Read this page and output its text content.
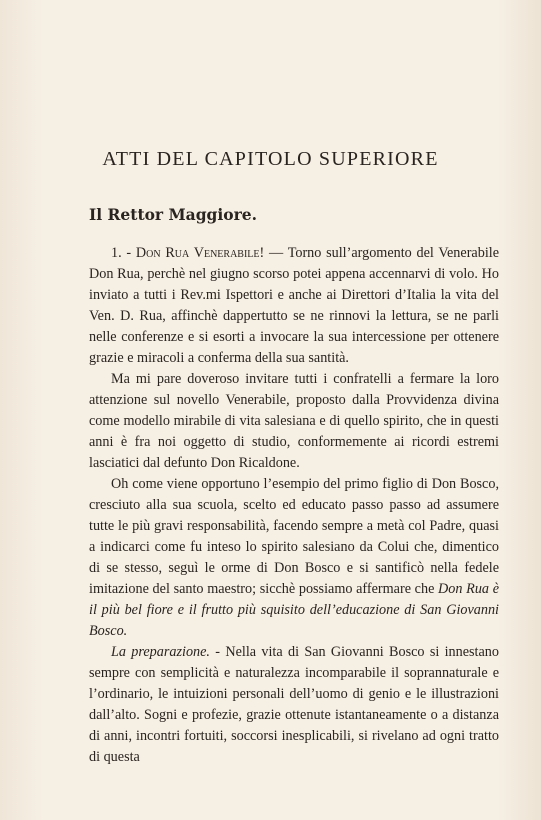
ATTI DEL CAPITOLO SUPERIORE
Il Rettor Maggiore.

1. - Don Rua Venerabile! — Torno sull’argomento del Venerabile Don Rua, perchè nel giugno scorso potei appena accennarvi di volo. Ho inviato a tutti i Rev.mi Ispettori e anche ai Direttori d’Italia la vita del Ven. D. Rua, affinchè dappertutto se ne rinnovi la lettura, se ne parli nelle conferenze e si esorti a invocare la sua intercessione per ottenere grazie e miracoli a conferma della sua santità.

Ma mi pare doveroso invitare tutti i confratelli a fermare la loro attenzione sul novello Venerabile, proposto dalla Provvidenza divina come modello mirabile di vita salesiana e di quello spirito, che in questi anni è fra noi oggetto di studio, conformemente ai ricordi estremi lasciatici dal defunto Don Ricaldone.

Oh come viene opportuno l’esempio del primo figlio di Don Bosco, cresciuto alla sua scuola, scelto ed educato passo passo ad assumere tutte le più gravi responsabilità, facendo sempre a metà col Padre, quasi a indicarci come fu inteso lo spirito salesiano da Colui che, dimentico di se stesso, seguì le orme di Don Bosco e si santificò nella fedele imitazione del santo maestro; sicchè possiamo affermare che Don Rua è il più bel fiore e il frutto più squisito dell’educazione di San Giovanni Bosco.

La preparazione. - Nella vita di San Giovanni Bosco si innestano sempre con semplicità e naturalezza incomparabile il soprannaturale e l’ordinario, le intuizioni personali dell’uomo di genio e le illustrazioni dall’alto. Sogni e profezie, grazie ottenute istantaneamente o a distanza di anni, incontri fortuiti, soccorsi inesplicabili, si rivelano ad ogni tratto di questa
